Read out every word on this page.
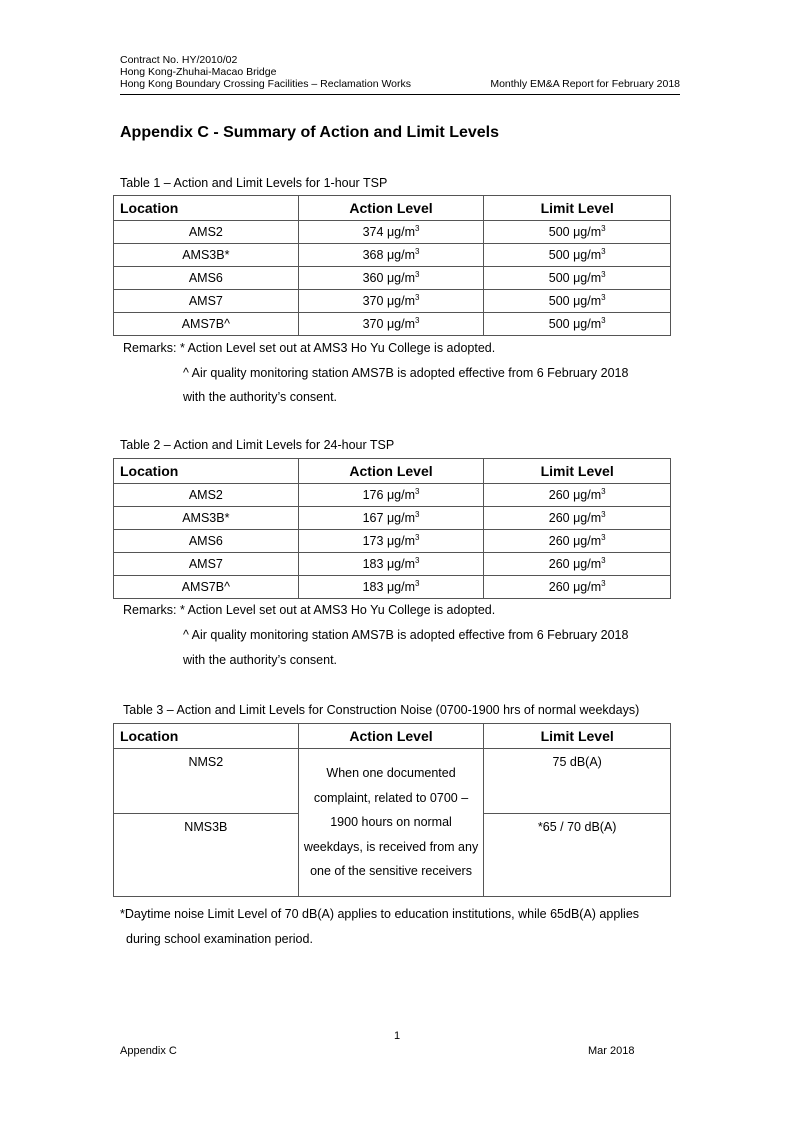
Contract No. HY/2010/02
Hong Kong-Zhuhai-Macao Bridge
Hong Kong Boundary Crossing Facilities – Reclamation Works	Monthly EM&A Report for February 2018
Appendix C - Summary of Action and Limit Levels
Table 1 – Action and Limit Levels for 1-hour TSP
Location	Action Level	Limit Level
AMS2	374 $\mu g/m^3$	500 $\mu g/m^3$
AMS3B*	368 $\mu g/m^3$	500 $\mu g/m^3$
AMS6	360 $\mu g/m^3$	500 $\mu g/m^3$
AMS7	370 $\mu g/m^3$	500 $\mu g/m^3$
AMS7B^	370 $\mu g/m^3$	500 $\mu g/m^3$
Remarks: * Action Level set out at AMS3 Ho Yu College is adopted.
^ Air quality monitoring station AMS7B is adopted effective from 6 February 2018
with the authority’s consent.
Table 2 – Action and Limit Levels for 24-hour TSP
Location	Action Level	Limit Level
AMS2	176 $\mu g/m^3$	260 $\mu g/m^3$
AMS3B*	167 $\mu g/m^3$	260 $\mu g/m^3$
AMS6	173 $\mu g/m^3$	260 $\mu g/m^3$
AMS7	183 $\mu g/m^3$	260 $\mu g/m^3$
AMS7B^	183 $\mu g/m^3$	260 $\mu g/m^3$
Remarks: * Action Level set out at AMS3 Ho Yu College is adopted.
^ Air quality monitoring station AMS7B is adopted effective from 6 February 2018
with the authority’s consent.
Table 3 – Action and Limit Levels for Construction Noise (0700-1900 hrs of normal weekdays)
Location	Action Level	Limit Level
NMS2	When one documented complaint, related to 0700 – 1900 hours on normal weekdays, is received from any one of the sensitive receivers	75 dB(A)
NMS3B		*65 / 70 dB(A)
*Daytime noise Limit Level of 70 dB(A) applies to education institutions, while 65dB(A) applies
during school examination period.
1
Appendix C	Mar 2018
